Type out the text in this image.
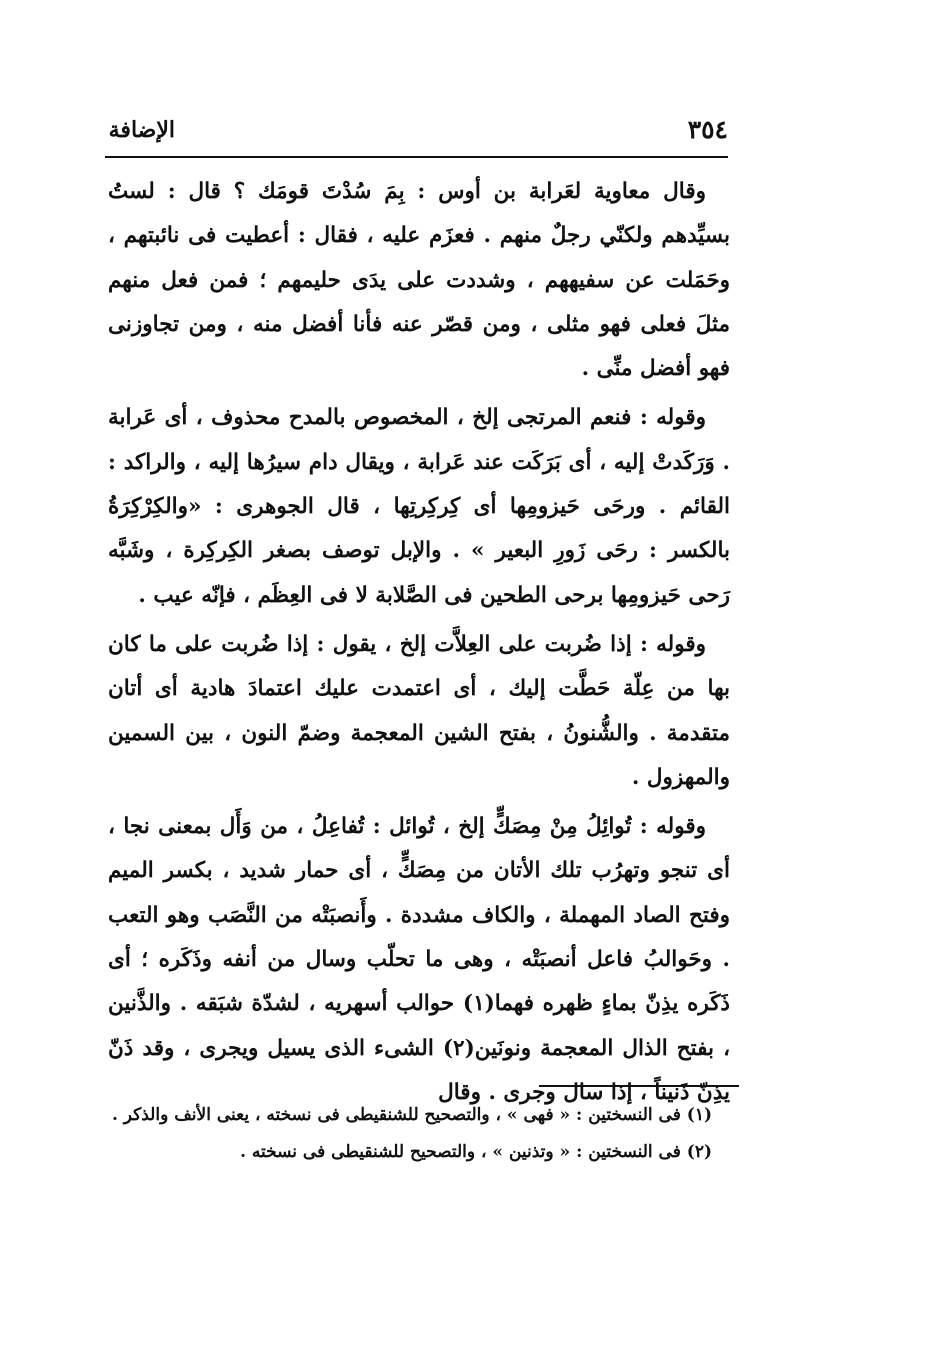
الإضافة	٣٥٤

وقال معاوية لعَرابة بن أوس : بِمَ سُدْتَ قومَك ؟ قال : لستُ بسيِّدهم ولكنّي رجلٌ منهم . فعزَم عليه ، فقال : أعطيت فى نائبتهم ، وحَمَلت عن سفيههم ، وشددت على يدَى حليمهم ؛ فمن فعل منهم مثلَ فعلى فهو مثلى ، ومن قصّر عنه فأنا أفضل منه ، ومن تجاوزنى فهو أفضل منِّى .

وقوله : فنعم المرتجى إلخ ، المخصوص بالمدح محذوف ، أى عَرابة . وَرَكَدتْ إليه ، أى بَرَكَت عند عَرابة ، ويقال دام سيرُها إليه ، والراكد : القائم . ورحَى حَيزومِها أى كِركِرتِها ، قال الجوهرى : «والكِرْكِرَةُ بالكسر : رحَى زَورِ البعير » . والإبل توصف بصغر الكِركِرة ، وشَبَّه رَحى حَيزومِها برحى الطحين فى الصَّلابة لا فى العِظَم ، فإنّه عيب .

وقوله : إذا ضُربت على العِلاَّت إلخ ، يقول : إذا ضُربت على ما كان بها من عِلّة حَطَّت إليك ، أى اعتمدت عليك اعتمادَ هادية أى أتان متقدمة . والشُّنونُ ، بفتح الشين المعجمة وضمّ النون ، بين السمين والمهزول .

وقوله : تُوائِلُ مِنْ مِصَكٍّ إلخ ، تُوائل : تُفاعِلُ ، من وَأَل بمعنى نجا ، أى تنجو وتهرُب تلك الأتان من مِصَكٍّ ، أى حمار شديد ، بكسر الميم وفتح الصاد المهملة ، والكاف مشددة . وأَنصبَتْه من النَّصَب وهو التعب . وحَوالبُ فاعل أنصبَتْه ، وهى ما تحلّب وسال من أنفه وذَكَره ؛ أى ذَكَره يذِنّ بماءٍ ظهره فهما(١) حوالب أسهريه ، لشدّة شبَقه . والذَّنين ، بفتح الذال المعجمة ونونَين(٢) الشىء الذى يسيل ويجرى ، وقد ذَنّ يذِنّ ذَنيناً ، إذا سال وجرى . وقال

(١) فى النسختين : « فهى » ، والتصحيح للشنقيطى فى نسخته ، يعنى الأنف والذكر .

(٢) فى النسختين : « وتذنين » ، والتصحيح للشنقيطى فى نسخته .
